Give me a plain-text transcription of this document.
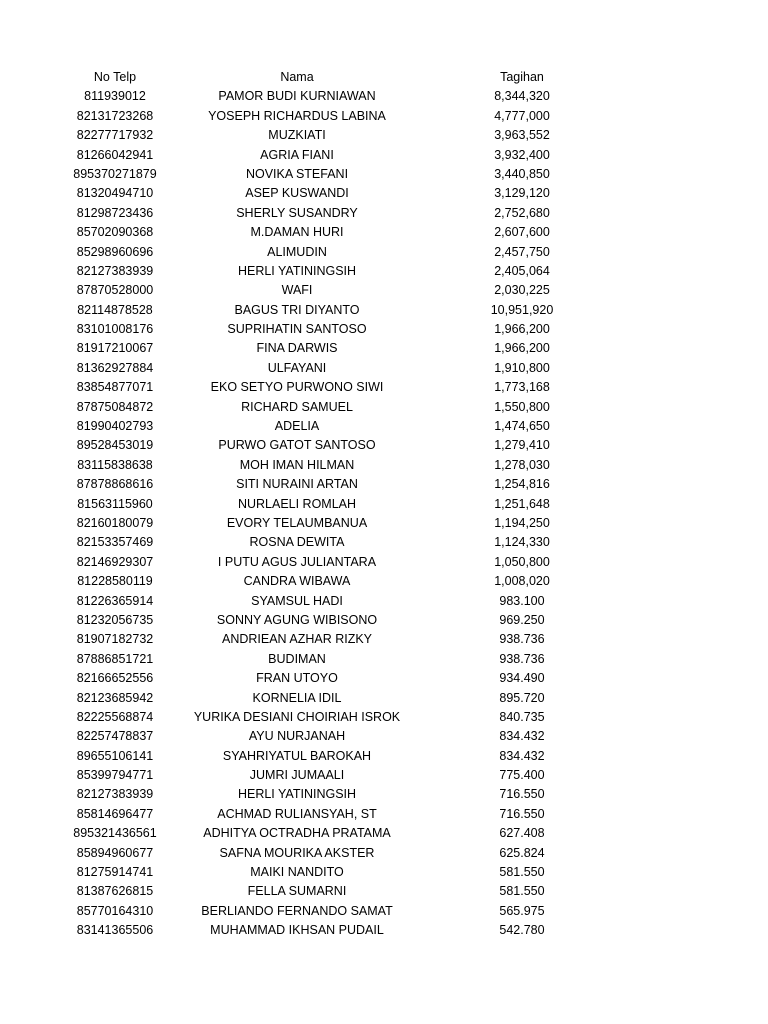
No Telp	Nama	Tagihan
811939012	PAMOR BUDI KURNIAWAN	8,344,320
82131723268	YOSEPH RICHARDUS LABINA	4,777,000
82277717932	MUZKIATI	3,963,552
81266042941	AGRIA FIANI	3,932,400
895370271879	NOVIKA STEFANI	3,440,850
81320494710	ASEP KUSWANDI	3,129,120
81298723436	SHERLY SUSANDRY	2,752,680
85702090368	M.DAMAN HURI	2,607,600
85298960696	ALIMUDIN	2,457,750
82127383939	HERLI YATININGSIH	2,405,064
87870528000	WAFI	2,030,225
82114878528	BAGUS TRI DIYANTO	10,951,920
83101008176	SUPRIHATIN SANTOSO	1,966,200
81917210067	FINA DARWIS	1,966,200
81362927884	ULFAYANI	1,910,800
83854877071	EKO SETYO PURWONO SIWI	1,773,168
87875084872	RICHARD SAMUEL	1,550,800
81990402793	ADELIA	1,474,650
89528453019	PURWO GATOT SANTOSO	1,279,410
83115838638	MOH IMAN HILMAN	1,278,030
87878868616	SITI NURAINI ARTAN	1,254,816
81563115960	NURLAELI ROMLAH	1,251,648
82160180079	EVORY TELAUMBANUA	1,194,250
82153357469	ROSNA DEWITA	1,124,330
82146929307	I PUTU AGUS JULIANTARA	1,050,800
81228580119	CANDRA WIBAWA	1,008,020
81226365914	SYAMSUL HADI	983.100
81232056735	SONNY AGUNG WIBISONO	969.250
81907182732	ANDRIEAN AZHAR RIZKY	938.736
87886851721	BUDIMAN	938.736
82166652556	FRAN UTOYO	934.490
82123685942	KORNELIA IDIL	895.720
82225568874	YURIKA DESIANI CHOIRIAH ISROK	840.735
82257478837	AYU NURJANAH	834.432
89655106141	SYAHRIYATUL BAROKAH	834.432
85399794771	JUMRI JUMAALI	775.400
82127383939	HERLI YATININGSIH	716.550
85814696477	ACHMAD RULIANSYAH, ST	716.550
895321436561	ADHITYA OCTRADHA PRATAMA	627.408
85894960677	SAFNA MOURIKA AKSTER	625.824
81275914741	MAIKI NANDITO	581.550
81387626815	FELLA SUMARNI	581.550
85770164310	BERLIANDO FERNANDO SAMAT	565.975
83141365506	MUHAMMAD IKHSAN PUDAIL	542.780
